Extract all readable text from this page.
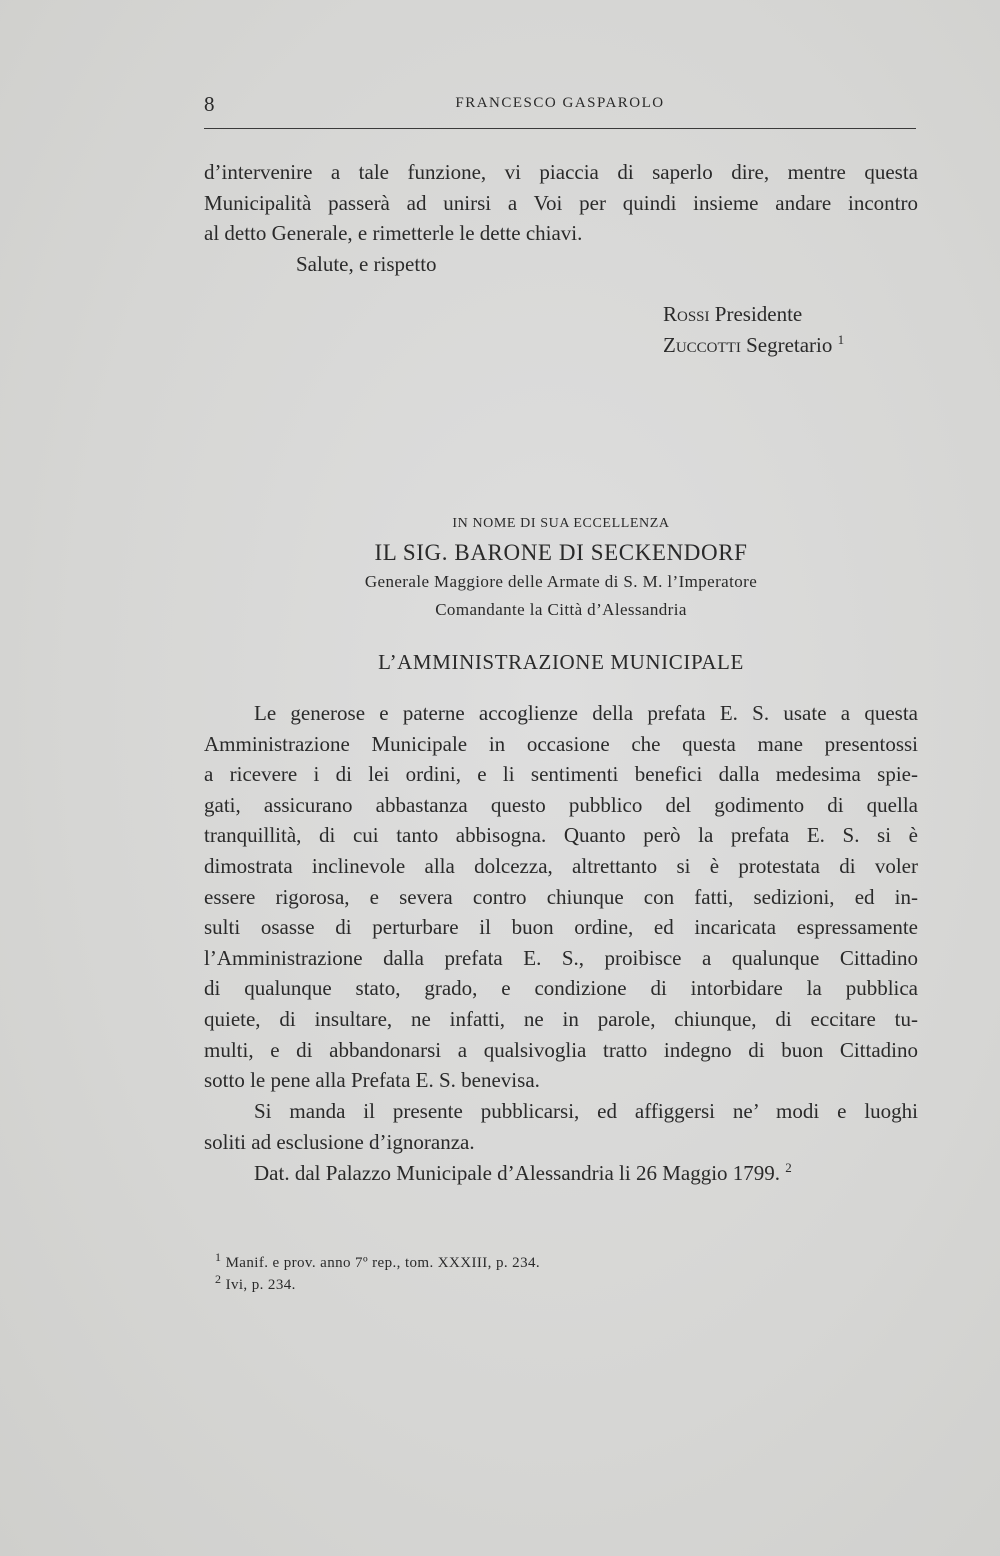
8	FRANCESCO GASPAROLO
d’intervenire a tale funzione, vi piaccia di saperlo dire, mentre questa
Municipalità passerà ad unirsi a Voi per quindi insieme andare incontro
al detto Generale, e rimetterle le dette chiavi.
Salute, e rispetto
Rossi Presidente
Zuccotti Segretario $^1$
IN NOME DI SUA ECCELLENZA
IL SIG. BARONE DI SECKENDORF
Generale Maggiore delle Armate di S. M. l’Imperatore
Comandante la Città d’Alessandria
L’AMMINISTRAZIONE MUNICIPALE
Le generose e paterne accoglienze della prefata E. S. usate a questa
Amministrazione Municipale in occasione che questa mane presentossi
a ricevere i di lei ordini, e li sentimenti benefici dalla medesima spie-
gati, assicurano abbastanza questo pubblico del godimento di quella
tranquillità, di cui tanto abbisogna. Quanto però la prefata E. S. si è
dimostrata inclinevole alla dolcezza, altrettanto si è protestata di voler
essere rigorosa, e severa contro chiunque con fatti, sedizioni, ed in-
sulti osasse di perturbare il buon ordine, ed incaricata espressamente
l’Amministrazione dalla prefata E. S., proibisce a qualunque Cittadino
di qualunque stato, grado, e condizione di intorbidare la pubblica
quiete, di insultare, ne infatti, ne in parole, chiunque, di eccitare tu-
multi, e di abbandonarsi a qualsivoglia tratto indegno di buon Cittadino
sotto le pene alla Prefata E. S. benevisa.
Si manda il presente pubblicarsi, ed affiggersi ne’ modi e luoghi
soliti ad esclusione d’ignoranza.
Dat. dal Palazzo Municipale d’Alessandria li 26 Maggio 1799. $^2$
$^1$ Manif. e prov. anno 7º rep., tom. XXXIII, p. 234.
$^2$ Ivi, p. 234.
